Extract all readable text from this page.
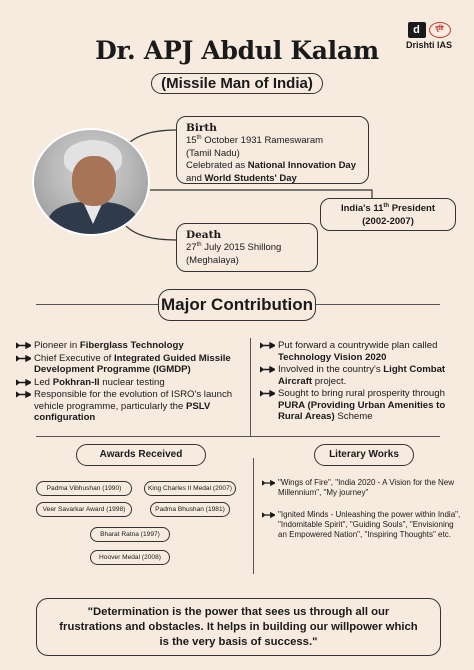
d	दृष्टि
Drishti IAS
Dr. APJ Abdul Kalam
(Missile Man of India)
Birth
15th October 1931 Rameswaram
(Tamil Nadu)
Celebrated as National Innovation Day
and World Students' Day
India's 11th President
(2002-2007)
Death
27th July 2015 Shillong
(Meghalaya)
Major Contribution
Pioneer in Fiberglass Technology
Chief Executive of Integrated Guided Missile Development Programme (IGMDP)
Led Pokhran-II nuclear testing
Responsible for the evolution of ISRO's launch vehicle programme, particularly the PSLV configuration
Put forward a countrywide plan called Technology Vision 2020
Involved in the country's Light Combat Aircraft project.
Sought to bring rural prosperity through PURA (Providing Urban Amenities to Rural Areas) Scheme
Awards Received	Literary Works
Padma Vibhushan (1990)	King Charles II Medal (2007)
Veer Savarkar Award (1998)	Padma Bhushan (1981)
Bharat Ratna (1997)
Hoover Medal (2008)
"Wings of Fire", "India 2020 - A Vision for the New Millennium", "My journey"
"Ignited Minds - Unleashing the power within India", "Indomitable Spirit", "Guiding Souls", "Envisioning an Empowered Nation", "Inspiring Thoughts" etc.
"Determination is the power that sees us through all our
frustrations and obstacles. It helps in building our willpower which
is the very basis of success."
